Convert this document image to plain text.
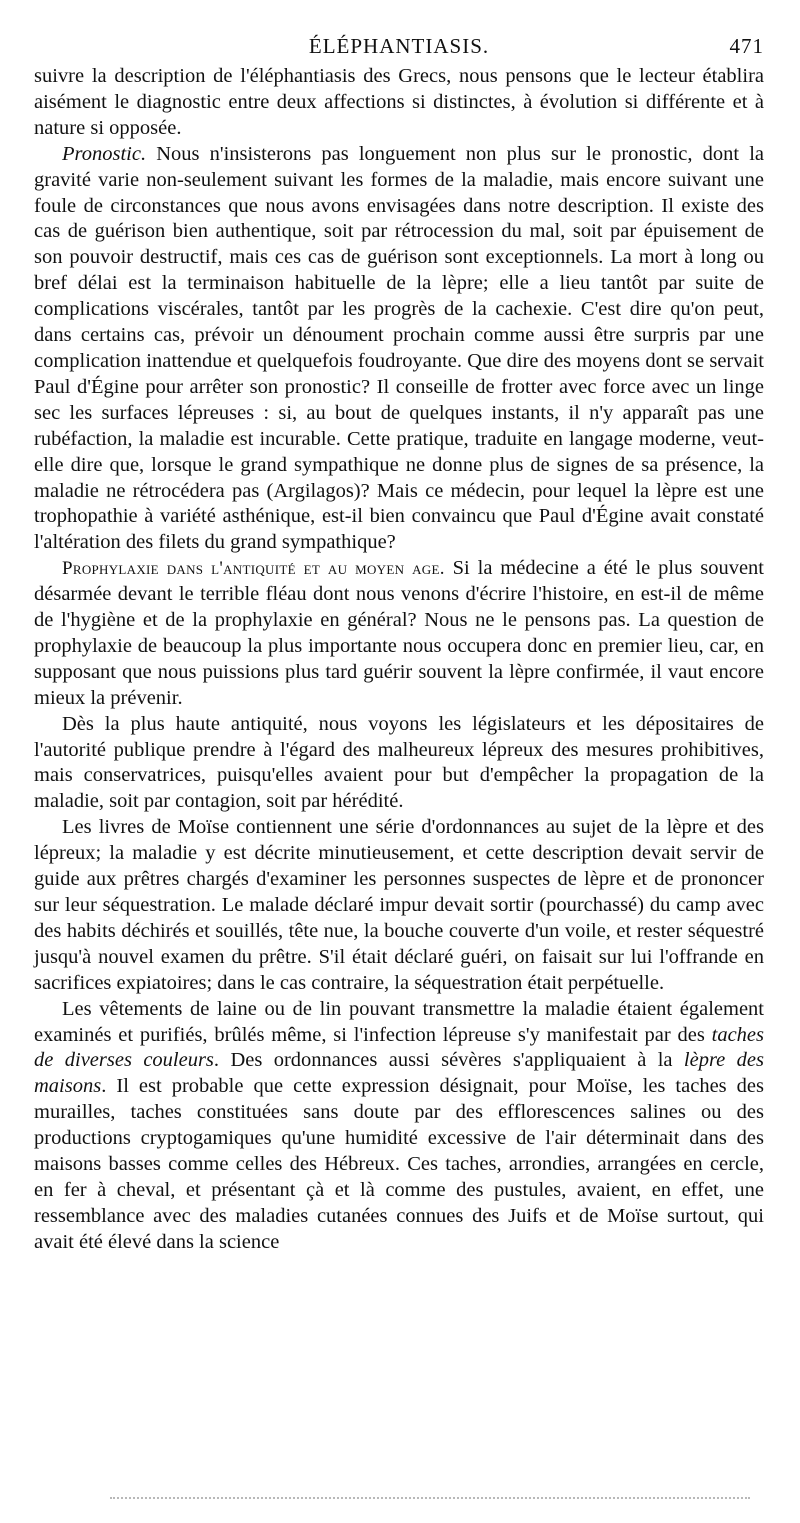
ÉLÉPHANTIASIS.	471

suivre la description de l'éléphantiasis des Grecs, nous pensons que le lecteur établira aisément le diagnostic entre deux affections si distinctes, à évolution si différente et à nature si opposée.

Pronostic. Nous n'insisterons pas longuement non plus sur le pronostic, dont la gravité varie non-seulement suivant les formes de la maladie, mais encore suivant une foule de circonstances que nous avons envisagées dans notre description. Il existe des cas de guérison bien authentique, soit par rétrocession du mal, soit par épuisement de son pouvoir destructif, mais ces cas de guérison sont exceptionnels. La mort à long ou bref délai est la terminaison habituelle de la lèpre; elle a lieu tantôt par suite de complications viscérales, tantôt par les progrès de la cachexie. C'est dire qu'on peut, dans certains cas, prévoir un dénoument prochain comme aussi être surpris par une complication inattendue et quelquefois foudroyante. Que dire des moyens dont se servait Paul d'Égine pour arrêter son pronostic? Il conseille de frotter avec force avec un linge sec les surfaces lépreuses : si, au bout de quelques instants, il n'y apparaît pas une rubéfaction, la maladie est incurable. Cette pratique, traduite en langage moderne, veut-elle dire que, lorsque le grand sympathique ne donne plus de signes de sa présence, la maladie ne rétrocédera pas (Argilagos)? Mais ce médecin, pour lequel la lèpre est une trophopathie à variété asthénique, est-il bien convaincu que Paul d'Égine avait constaté l'altération des filets du grand sympathique?

Prophylaxie dans l'antiquité et au moyen age. Si la médecine a été le plus souvent désarmée devant le terrible fléau dont nous venons d'écrire l'histoire, en est-il de même de l'hygiène et de la prophylaxie en général? Nous ne le pensons pas. La question de prophylaxie de beaucoup la plus importante nous occupera donc en premier lieu, car, en supposant que nous puissions plus tard guérir souvent la lèpre confirmée, il vaut encore mieux la prévenir.

Dès la plus haute antiquité, nous voyons les législateurs et les dépositaires de l'autorité publique prendre à l'égard des malheureux lépreux des mesures prohibitives, mais conservatrices, puisqu'elles avaient pour but d'empêcher la propagation de la maladie, soit par contagion, soit par hérédité.

Les livres de Moïse contiennent une série d'ordonnances au sujet de la lèpre et des lépreux; la maladie y est décrite minutieusement, et cette description devait servir de guide aux prêtres chargés d'examiner les personnes suspectes de lèpre et de prononcer sur leur séquestration. Le malade déclaré impur devait sortir (pourchassé) du camp avec des habits déchirés et souillés, tête nue, la bouche couverte d'un voile, et rester séquestré jusqu'à nouvel examen du prêtre. S'il était déclaré guéri, on faisait sur lui l'offrande en sacrifices expiatoires; dans le cas contraire, la séquestration était perpétuelle.

Les vêtements de laine ou de lin pouvant transmettre la maladie étaient également examinés et purifiés, brûlés même, si l'infection lépreuse s'y manifestait par des taches de diverses couleurs. Des ordonnances aussi sévères s'appliquaient à la lèpre des maisons. Il est probable que cette expression désignait, pour Moïse, les taches des murailles, taches constituées sans doute par des efflorescences salines ou des productions cryptogamiques qu'une humidité excessive de l'air déterminait dans des maisons basses comme celles des Hébreux. Ces taches, arrondies, arrangées en cercle, en fer à cheval, et présentant çà et là comme des pustules, avaient, en effet, une ressemblance avec des maladies cutanées connues des Juifs et de Moïse surtout, qui avait été élevé dans la science
